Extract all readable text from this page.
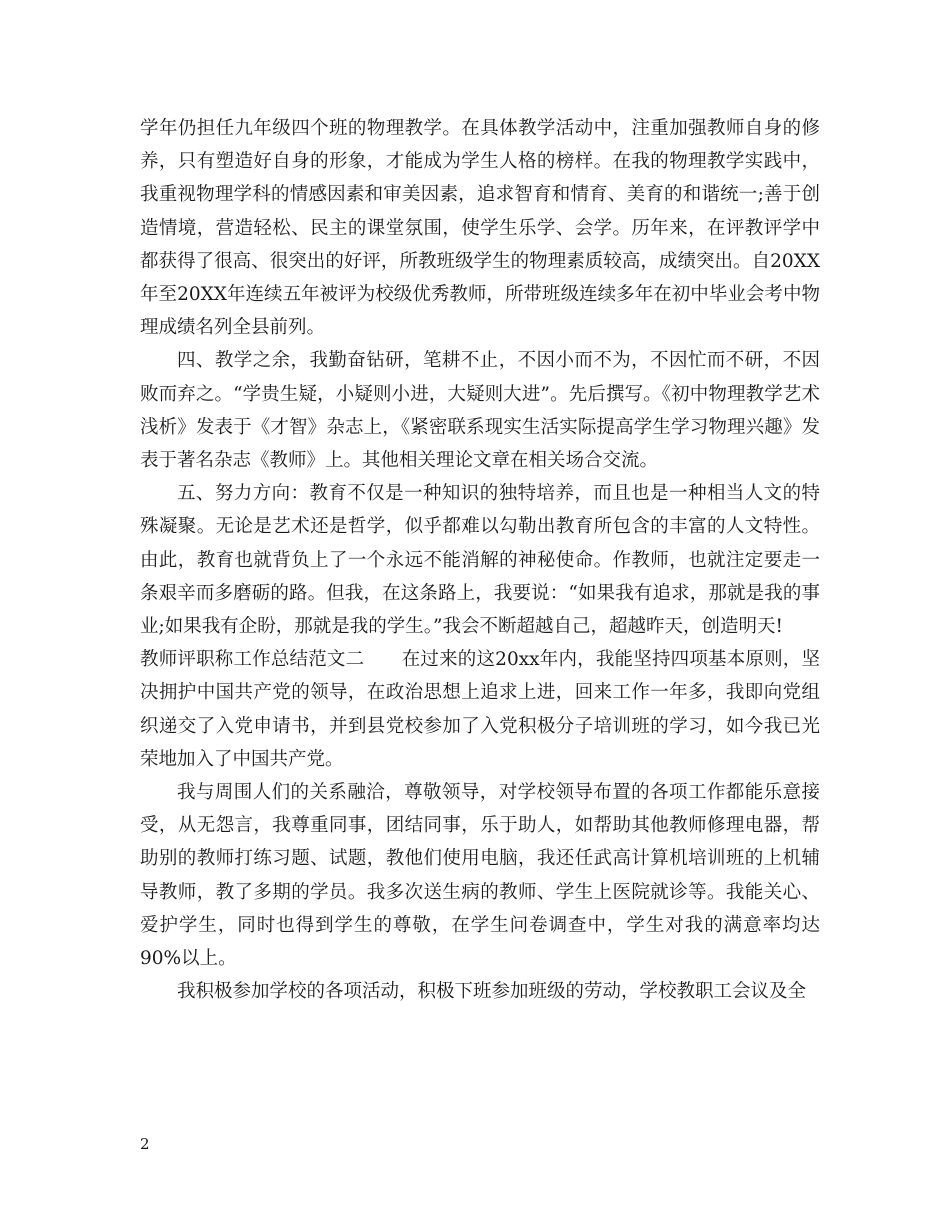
学年仍担任九年级四个班的物理教学。在具体教学活动中，注重加强教师自身的修养，只有塑造好自身的形象，才能成为学生人格的榜样。在我的物理教学实践中，我重视物理学科的情感因素和审美因素，追求智育和情育、美育的和谐统一;善于创造情境，营造轻松、民主的课堂氛围，使学生乐学、会学。历年来，在评教评学中都获得了很高、很突出的好评，所教班级学生的物理素质较高，成绩突出。自20XX年至20XX年连续五年被评为校级优秀教师，所带班级连续多年在初中毕业会考中物理成绩名列全县前列。

四、教学之余，我勤奋钻研，笔耕不止，不因小而不为，不因忙而不研，不因败而弃之。“学贵生疑，小疑则小进，大疑则大进”。先后撰写。《初中物理教学艺术浅析》发表于《才智》杂志上，《紧密联系现实生活实际提高学生学习物理兴趣》发表于著名杂志《教师》上。其他相关理论文章在相关场合交流。

五、努力方向：教育不仅是一种知识的独特培养，而且也是一种相当人文的特殊凝聚。无论是艺术还是哲学，似乎都难以勾勒出教育所包含的丰富的人文特性。由此，教育也就背负上了一个永远不能消解的神秘使命。作教师，也就注定要走一条艰辛而多磨砺的路。但我，在这条路上，我要说：“如果我有追求，那就是我的事业;如果我有企盼，那就是我的学生。”我会不断超越自己，超越昨天，创造明天!

教师评职称工作总结范文二　　在过来的这20xx年内，我能坚持四项基本原则，坚决拥护中国共产党的领导，在政治思想上追求上进，回来工作一年多，我即向党组织递交了入党申请书，并到县党校参加了入党积极分子培训班的学习，如今我已光荣地加入了中国共产党。

我与周围人们的关系融洽，尊敬领导，对学校领导布置的各项工作都能乐意接受，从无怨言，我尊重同事，团结同事，乐于助人，如帮助其他教师修理电器，帮助别的教师打练习题、试题，教他们使用电脑，我还任武高计算机培训班的上机辅导教师，教了多期的学员。我多次送生病的教师、学生上医院就诊等。我能关心、爱护学生，同时也得到学生的尊敬，在学生问卷调查中，学生对我的满意率均达90%以上。

我积极参加学校的各项活动，积极下班参加班级的劳动，学校教职工会议及全

2
